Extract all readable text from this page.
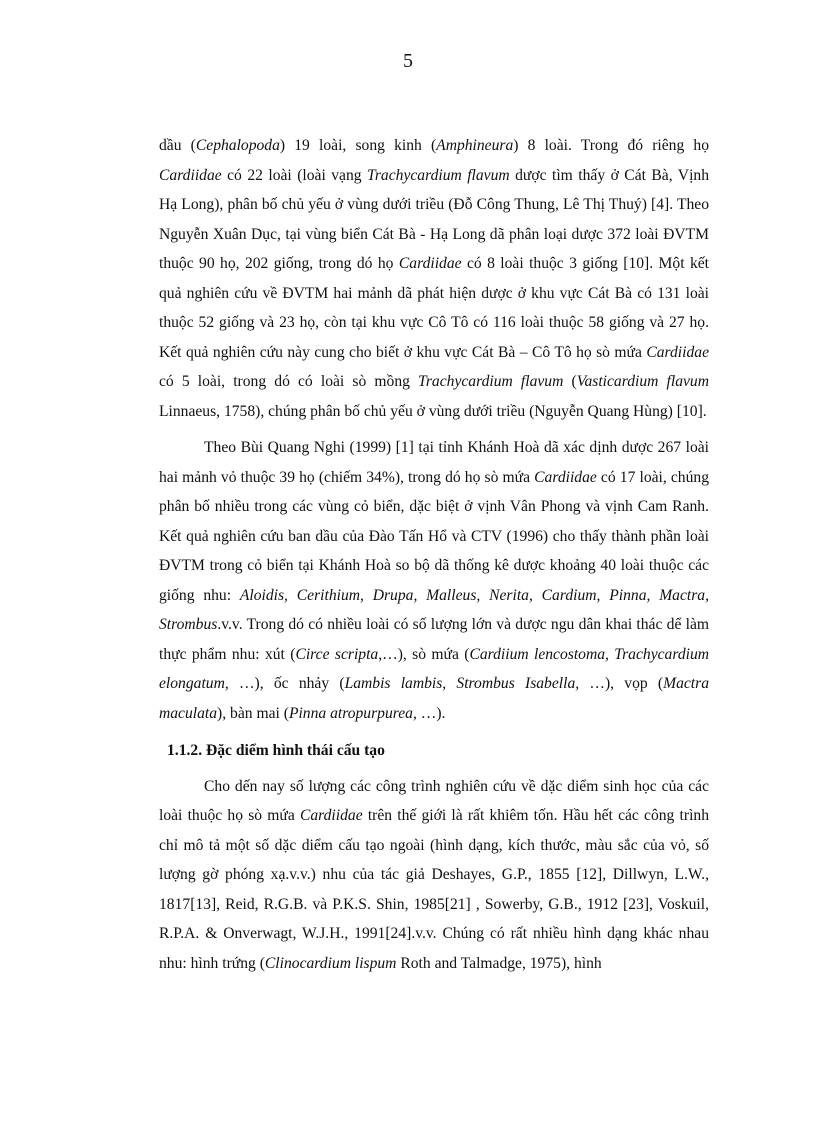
5

dầu (Cephalopoda) 19 loài, song kinh (Amphineura) 8 loài. Trong đó riêng họ Cardiidae có 22 loài (loài vạng Trachycardium flavum dược tìm thấy ở Cát Bà, Vịnh Hạ Long), phân bố chủ yếu ở vùng dưới triều (Đỗ Công Thung, Lê Thị Thuý) [4]. Theo Nguyễn Xuân Dục, tại vùng biển Cát Bà - Hạ Long dã phân loại dược 372 loài ĐVTM thuộc 90 họ, 202 giống, trong dó họ Cardiidae có 8 loài thuộc 3 giống [10]. Một kết quả nghiên cứu về ĐVTM hai mảnh dã phát hiện dược ở khu vực Cát Bà có 131 loài thuộc 52 giống và 23 họ, còn tại khu vực Cô Tô có 116 loài thuộc 58 giống và 27 họ. Kết quả nghiên cứu này cung cho biết ở khu vực Cát Bà – Cô Tô họ sò mứa Cardiidae có 5 loài, trong dó có loài sò mồng Trachycardium flavum (Vasticardium flavum Linnaeus, 1758), chúng phân bố chủ yếu ở vùng dưới triều (Nguyễn Quang Hùng) [10].

Theo Bùi Quang Nghi (1999) [1] tại tỉnh Khánh Hoà dã xác dịnh dược 267 loài hai mảnh vỏ thuộc 39 họ (chiếm 34%), trong dó họ sò mứa Cardiidae có 17 loài, chúng phân bố nhiều trong các vùng cỏ biển, dặc biệt ở vịnh Vân Phong và vịnh Cam Ranh. Kết quả nghiên cứu ban dầu của Đào Tấn Hổ và CTV (1996) cho thấy thành phần loài ĐVTM trong cỏ biển tại Khánh Hoà so bộ dã thống kê dược khoảng 40 loài thuộc các giống nhu: Aloidis, Cerithium, Drupa, Malleus, Nerita, Cardium, Pinna, Mactra, Strombus.v.v. Trong dó có nhiều loài có số lượng lớn và dược ngu dân khai thác dể làm thực phẩm nhu: xút (Circe scripta,…), sò mứa (Cardiium lencostoma, Trachycardium elongatum, …), ốc nhảy (Lambis lambis, Strombus Isabella, …), vọp (Mactra maculata), bàn mai (Pinna atropurpurea, …).

1.1.2. Đặc diểm hình thái cấu tạo

Cho dến nay số lượng các công trình nghiên cứu về dặc diểm sinh học của các loài thuộc họ sò mứa Cardiidae trên thế giới là rất khiêm tốn. Hầu hết các công trình chỉ mô tả một số dặc diểm cấu tạo ngoài (hình dạng, kích thước, màu sắc của vỏ, số lượng gờ phóng xạ.v.v.) nhu của tác giả Deshayes, G.P., 1855 [12], Dillwyn, L.W., 1817[13], Reid, R.G.B. và P.K.S. Shin, 1985[21] , Sowerby, G.B., 1912 [23], Voskuil, R.P.A. & Onverwagt, W.J.H., 1991[24].v.v. Chúng có rất nhiều hình dạng khác nhau nhu: hình trứng (Clinocardium lispum Roth and Talmadge, 1975), hình
